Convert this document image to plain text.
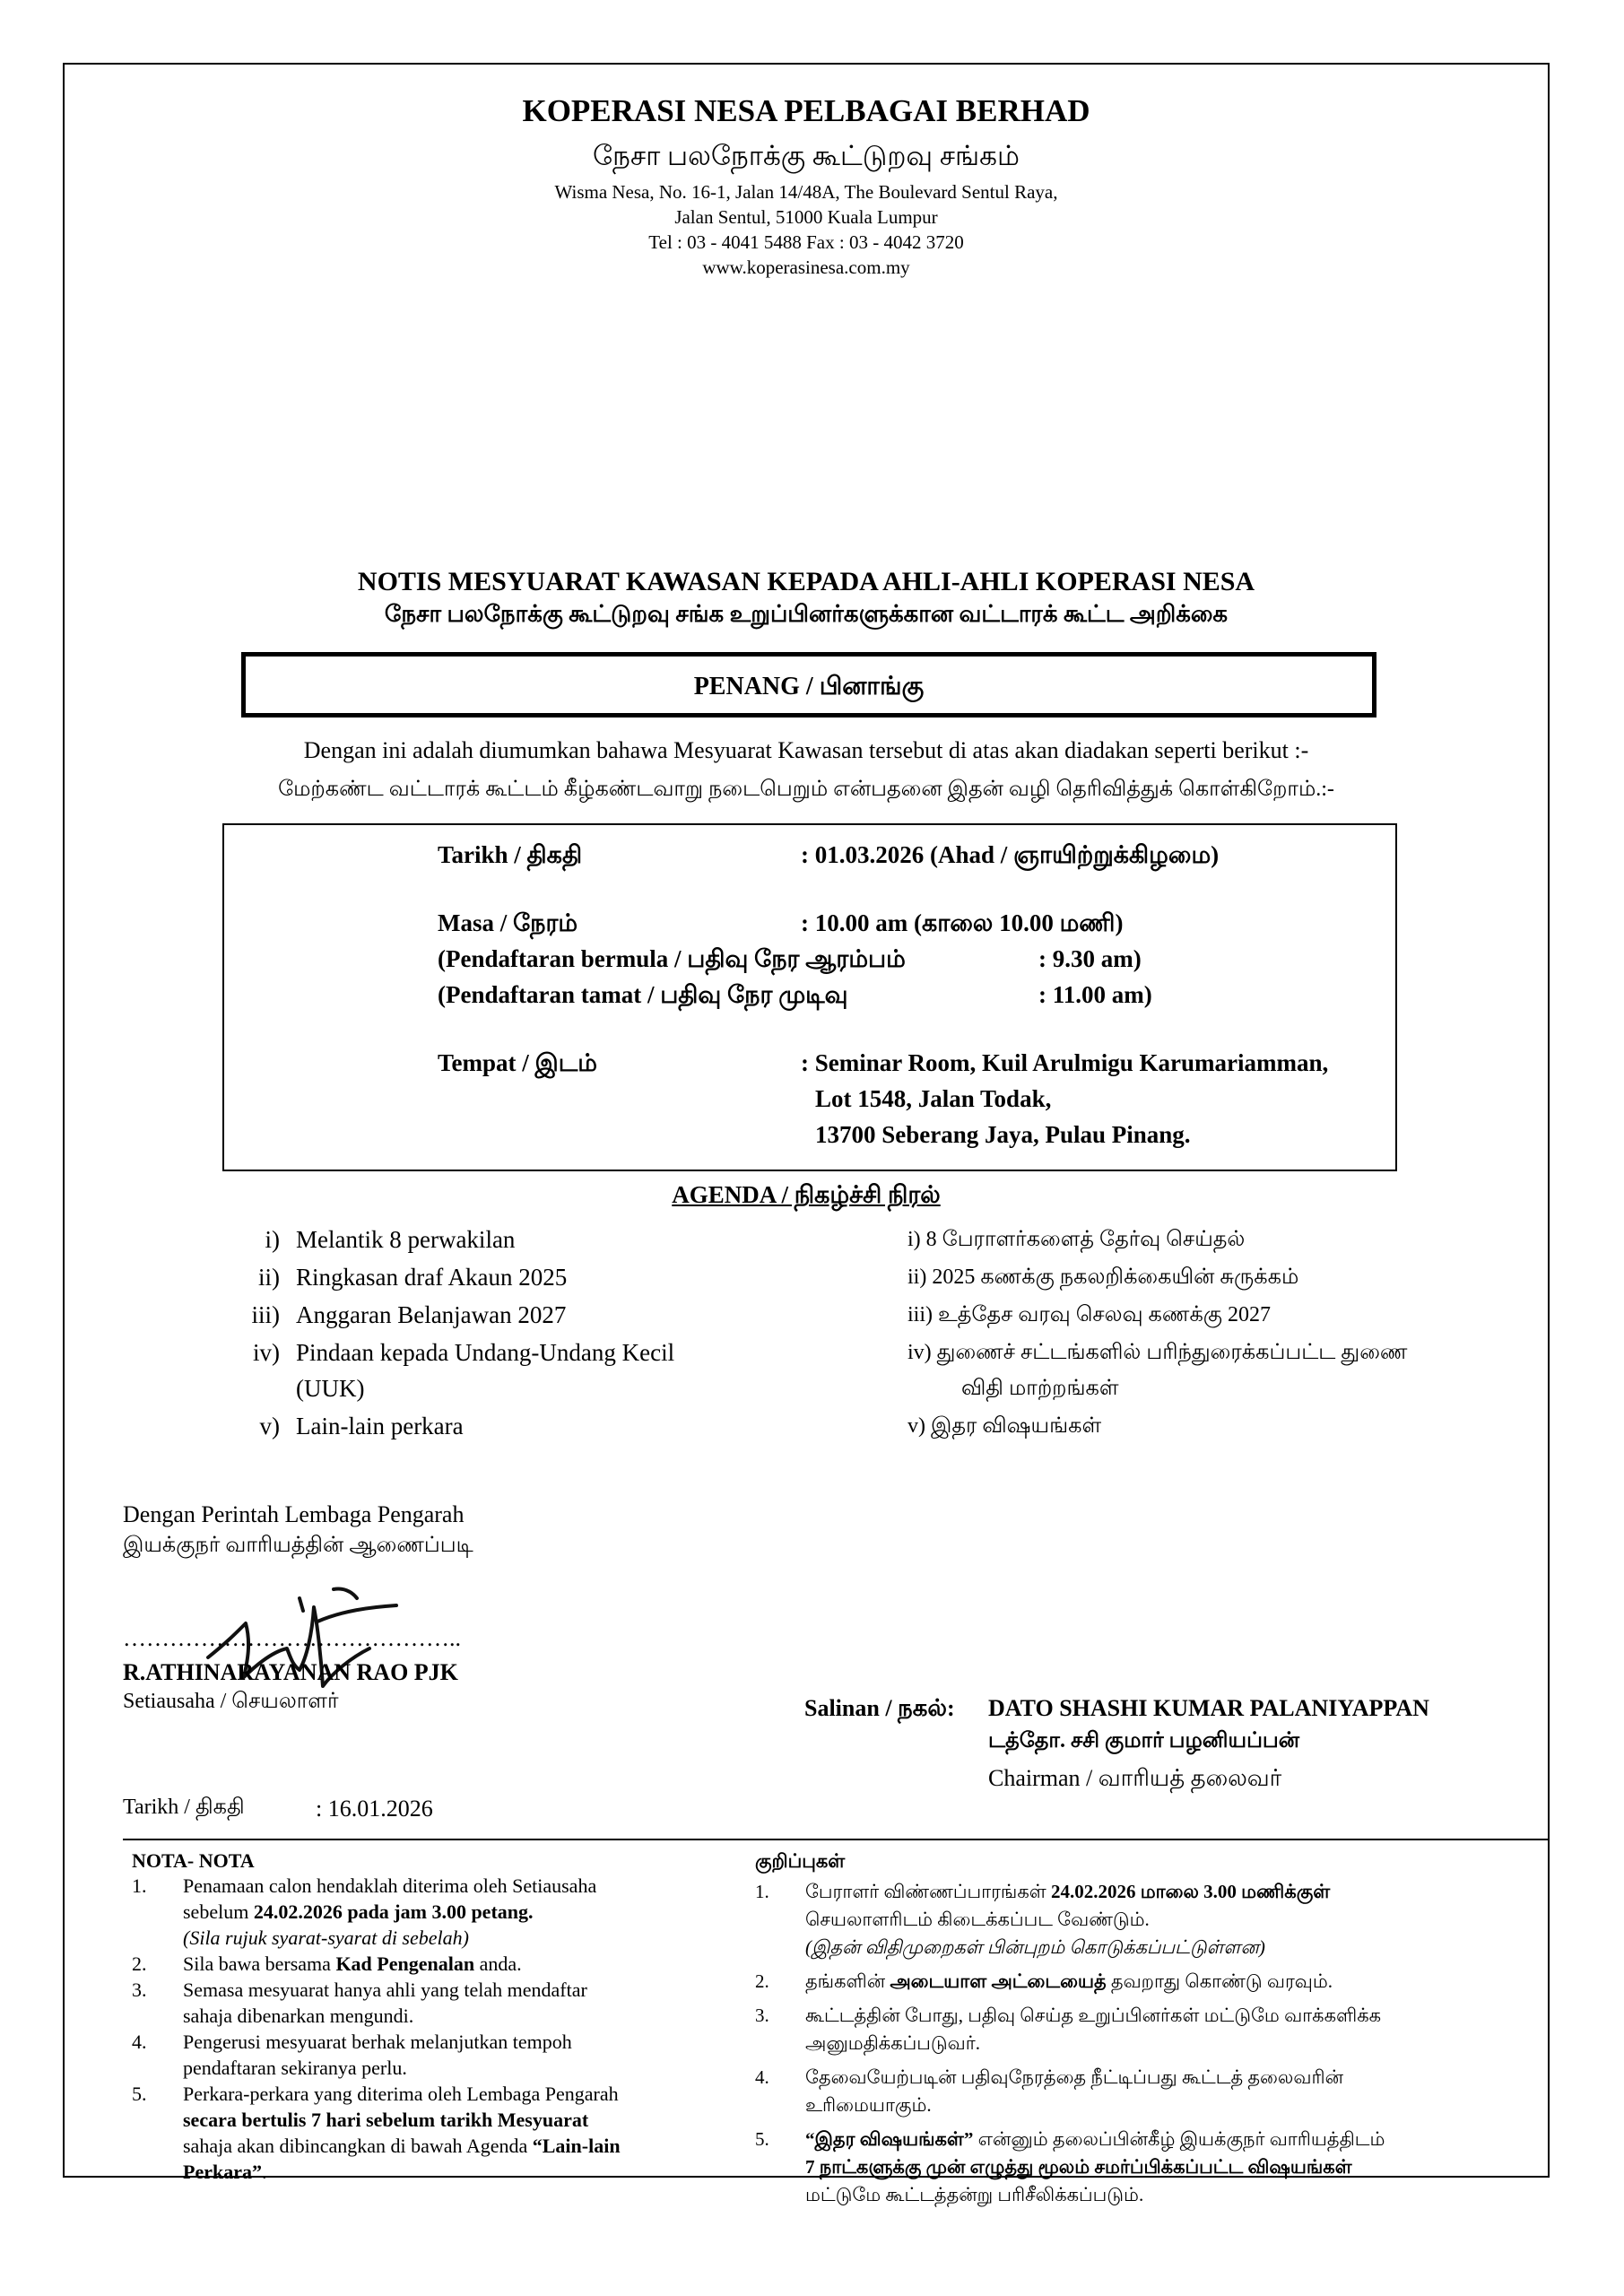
KOPERASI NESA PELBAGAI BERHAD
நேசா பலநோக்கு கூட்டுறவு சங்கம்
Wisma Nesa, No. 16-1, Jalan 14/48A, The Boulevard Sentul Raya,
Jalan Sentul, 51000 Kuala Lumpur
Tel : 03 - 4041 5488 Fax : 03 - 4042 3720
www.koperasinesa.com.my
NOTIS MESYUARAT KAWASAN KEPADA AHLI-AHLI KOPERASI NESA
நேசா பலநோக்கு கூட்டுறவு சங்க உறுப்பினர்களுக்கான வட்டாரக் கூட்ட அறிக்கை
PENANG / பினாங்கு
Dengan ini adalah diumumkan bahawa Mesyuarat Kawasan tersebut di atas akan diadakan seperti berikut :-
மேற்கண்ட வட்டாரக் கூட்டம் கீழ்கண்டவாறு நடைபெறும் என்பதனை இதன் வழி தெரிவித்துக் கொள்கிறோம்.:-
Tarikh / திகதி	: 01.03.2026 (Ahad / ஞாயிற்றுக்கிழமை)
Masa / நேரம்	: 10.00 am (காலை 10.00 மணி)
(Pendaftaran bermula / பதிவு நேர ஆரம்பம்	: 9.30 am)
(Pendaftaran tamat / பதிவு நேர முடிவு	: 11.00 am)
Tempat / இடம்	: Seminar Room, Kuil Arulmigu Karumariamman,
Lot 1548, Jalan Todak,
13700 Seberang Jaya, Pulau Pinang.
AGENDA / நிகழ்ச்சி நிரல்
i) Melantik 8 perwakilan
ii) Ringkasan draf Akaun 2025
iii) Anggaran Belanjawan 2027
iv) Pindaan kepada Undang-Undang Kecil
(UUK)
v) Lain-lain perkara
i) 8 பேராளர்களைத் தேர்வு செய்தல்
ii) 2025 கணக்கு நகலறிக்கையின் சுருக்கம்
iii) உத்தேச வரவு செலவு கணக்கு 2027
iv) துணைச் சட்டங்களில் பரிந்துரைக்கப்பட்ட துணை
விதி மாற்றங்கள்
v) இதர விஷயங்கள்
Dengan Perintah Lembaga Pengarah
இயக்குநர் வாரியத்தின் ஆணைப்படி
……………………………………..
R.ATHINARAYANAN RAO PJK
Setiausaha / செயலாளர்
Tarikh / திகதி	: 16.01.2026
Salinan / நகல்: DATO SHASHI KUMAR PALANIYAPPAN
டத்தோ. சசி குமார் பழனியப்பன்
Chairman / வாரியத் தலைவர்
NOTA- NOTA
1. Penamaan calon hendaklah diterima oleh Setiausaha
sebelum 24.02.2026 pada jam 3.00 petang.
(Sila rujuk syarat-syarat di sebelah)
2. Sila bawa bersama Kad Pengenalan anda.
3. Semasa mesyuarat hanya ahli yang telah mendaftar
sahaja dibenarkan mengundi.
4. Pengerusi mesyuarat berhak melanjutkan tempoh
pendaftaran sekiranya perlu.
5. Perkara-perkara yang diterima oleh Lembaga Pengarah
secara bertulis 7 hari sebelum tarikh Mesyuarat
sahaja akan dibincangkan di bawah Agenda “Lain-lain
Perkara”.
குறிப்புகள்
1. பேராளர் விண்ணப்பாரங்கள் 24.02.2026 மாலை 3.00 மணிக்குள்
செயலாளரிடம் கிடைக்கப்பட வேண்டும்.
(இதன் விதிமுறைகள் பின்புறம் கொடுக்கப்பட்டுள்ளன)
2. தங்களின் அடையாள அட்டையைத் தவறாது கொண்டு வரவும்.
3. கூட்டத்தின் போது, பதிவு செய்த உறுப்பினர்கள் மட்டுமே வாக்களிக்க
அனுமதிக்கப்படுவர்.
4. தேவையேற்படின் பதிவுநேரத்தை நீட்டிப்பது கூட்டத் தலைவரின்
உரிமையாகும்.
5. “இதர விஷயங்கள்” என்னும் தலைப்பின்கீழ் இயக்குநர் வாரியத்திடம்
7 நாட்களுக்கு முன் எழுத்து மூலம் சமர்ப்பிக்கப்பட்ட விஷயங்கள்
மட்டுமே கூட்டத்தன்று பரிசீலிக்கப்படும்.
